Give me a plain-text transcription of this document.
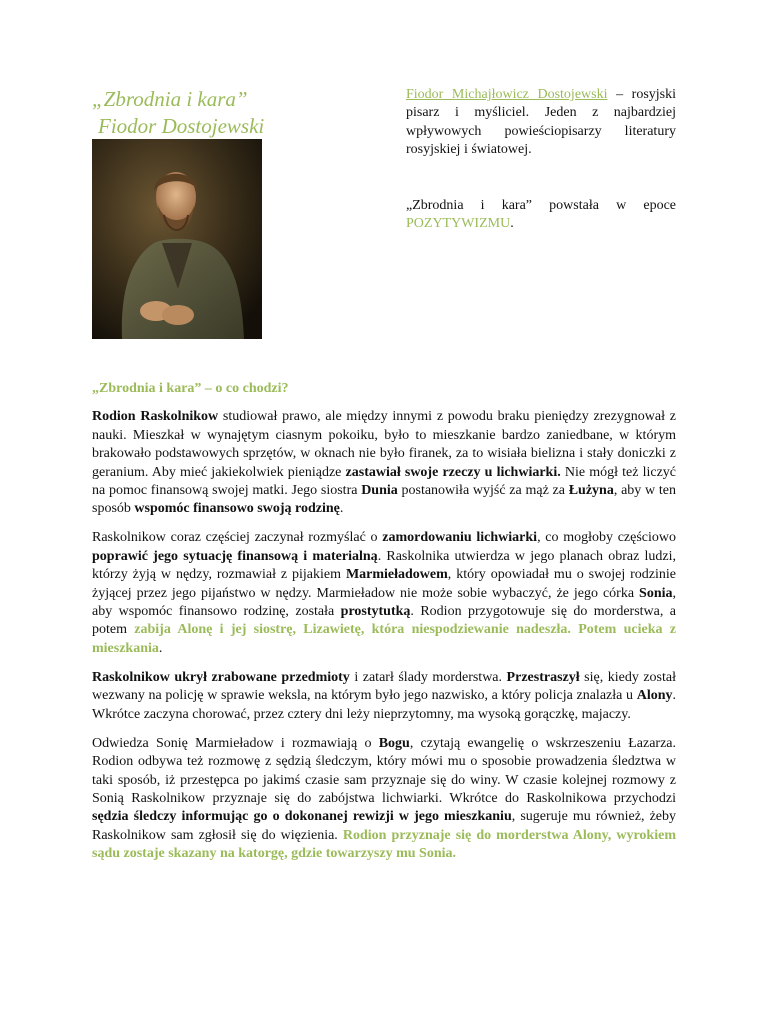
„Zbrodnia i kara”
Fiodor Dostojewski

Fiodor Michajłowicz Dostojewski – rosyjski pisarz i myśliciel. Jeden z najbardziej wpływowych powieściopisarzy literatury rosyjskiej i światowej.

„Zbrodnia i kara” powstała w epoce POZYTYWIZMU.

„Zbrodnia i kara” – o co chodzi?

Rodion Raskolnikow studiował prawo, ale między innymi z powodu braku pieniędzy zrezygnował z nauki. Mieszkał w wynajętym ciasnym pokoiku, było to mieszkanie bardzo zaniedbane, w którym brakowało podstawowych sprzętów, w oknach nie było firanek, za to wisiała bielizna i stały doniczki z geranium. Aby mieć jakiekolwiek pieniądze zastawiał swoje rzeczy u lichwiarki. Nie mógł też liczyć na pomoc finansową swojej matki. Jego siostra Dunia postanowiła wyjść za mąż za Łużyna, aby w ten sposób wspomóc finansowo swoją rodzinę.

Raskolnikow coraz częściej zaczynał rozmyślać o zamordowaniu lichwiarki, co mogłoby częściowo poprawić jego sytuację finansową i materialną. Raskolnika utwierdza w jego planach obraz ludzi, którzy żyją w nędzy, rozmawiał z pijakiem Marmieładowem, który opowiadał mu o swojej rodzinie żyjącej przez jego pijaństwo w nędzy. Marmieładow nie może sobie wybaczyć, że jego córka Sonia, aby wspomóc finansowo rodzinę, została prostytutką. Rodion przygotowuje się do morderstwa, a potem zabija Alonę i jej siostrę, Lizawietę, która niespodziewanie nadeszła. Potem ucieka z mieszkania.

Raskolnikow ukrył zrabowane przedmioty i zatarł ślady morderstwa. Przestraszył się, kiedy został wezwany na policję w sprawie weksla, na którym było jego nazwisko, a który policja znalazła u Alony. Wkrótce zaczyna chorować, przez cztery dni leży nieprzytomny, ma wysoką gorączkę, majaczy.

Odwiedza Sonię Marmieładow i rozmawiają o Bogu, czytają ewangelię o wskrzeszeniu Łazarza. Rodion odbywa też rozmowę z sędzią śledczym, który mówi mu o sposobie prowadzenia śledztwa w taki sposób, iż przestępca po jakimś czasie sam przyznaje się do winy. W czasie kolejnej rozmowy z Sonią Raskolnikow przyznaje się do zabójstwa lichwiarki. Wkrótce do Raskolnikowa przychodzi sędzia śledczy informując go o dokonanej rewizji w jego mieszkaniu, sugeruje mu również, żeby Raskolnikow sam zgłosił się do więzienia. Rodion przyznaje się do morderstwa Alony, wyrokiem sądu zostaje skazany na katorgę, gdzie towarzyszy mu Sonia.
